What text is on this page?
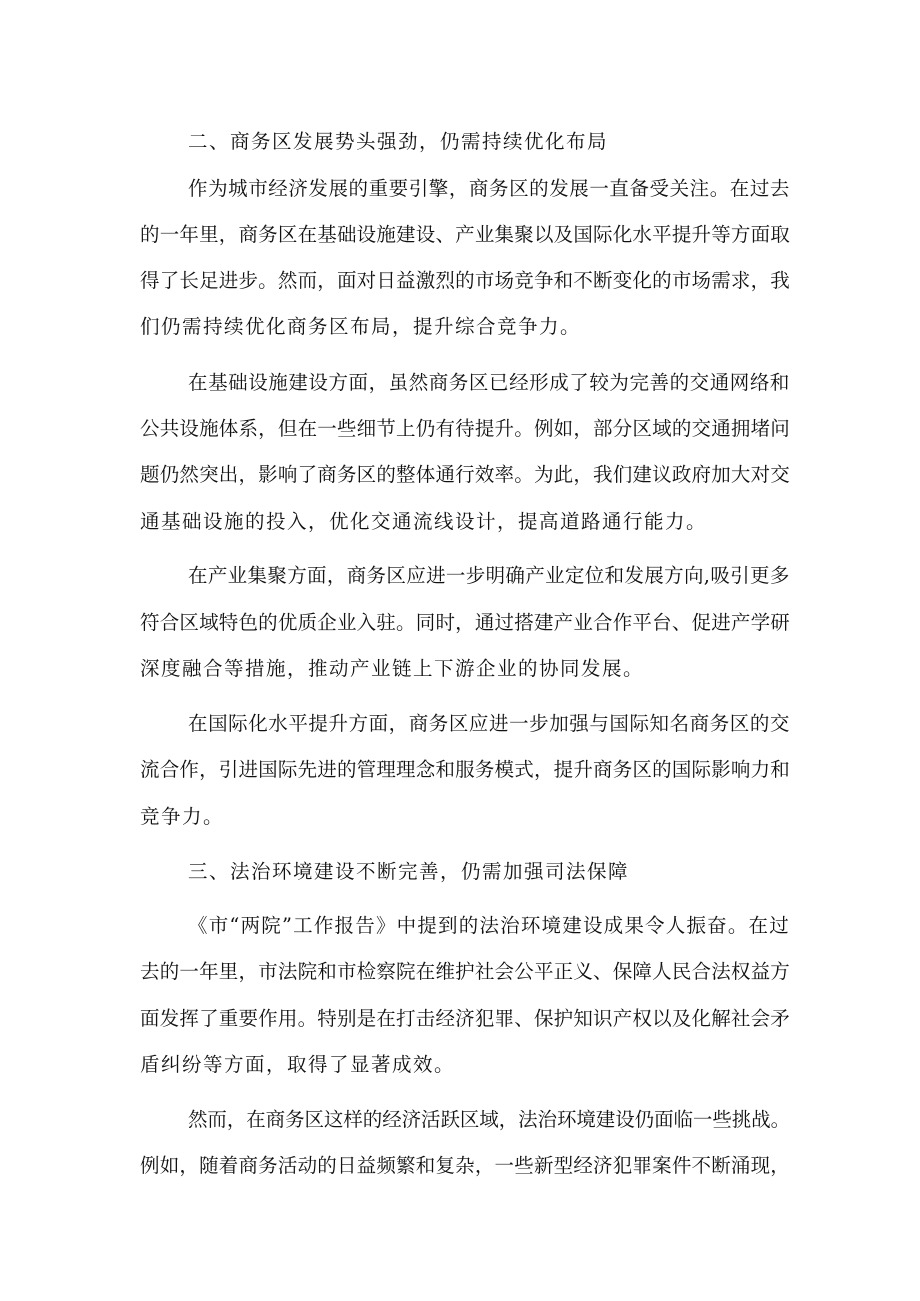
二、商务区发展势头强劲，仍需持续优化布局

作为城市经济发展的重要引擎，商务区的发展一直备受关注。在过去

的一年里，商务区在基础设施建设、产业集聚以及国际化水平提升等方面取

得了长足进步。然而，面对日益激烈的市场竞争和不断变化的市场需求，我

们仍需持续优化商务区布局，提升综合竞争力。

在基础设施建设方面，虽然商务区已经形成了较为完善的交通网络和

公共设施体系，但在一些细节上仍有待提升。例如，部分区域的交通拥堵问

题仍然突出，影响了商务区的整体通行效率。为此，我们建议政府加大对交

通基础设施的投入，优化交通流线设计，提高道路通行能力。

在产业集聚方面，商务区应进一步明确产业定位和发展方向,吸引更多

符合区域特色的优质企业入驻。同时，通过搭建产业合作平台、促进产学研

深度融合等措施，推动产业链上下游企业的协同发展。

在国际化水平提升方面，商务区应进一步加强与国际知名商务区的交

流合作，引进国际先进的管理理念和服务模式，提升商务区的国际影响力和

竞争力。

三、法治环境建设不断完善，仍需加强司法保障

《市“两院”工作报告》中提到的法治环境建设成果令人振奋。在过

去的一年里，市法院和市检察院在维护社会公平正义、保障人民合法权益方

面发挥了重要作用。特别是在打击经济犯罪、保护知识产权以及化解社会矛

盾纠纷等方面，取得了显著成效。

然而，在商务区这样的经济活跃区域，法治环境建设仍面临一些挑战。

例如，随着商务活动的日益频繁和复杂，一些新型经济犯罪案件不断涌现，
